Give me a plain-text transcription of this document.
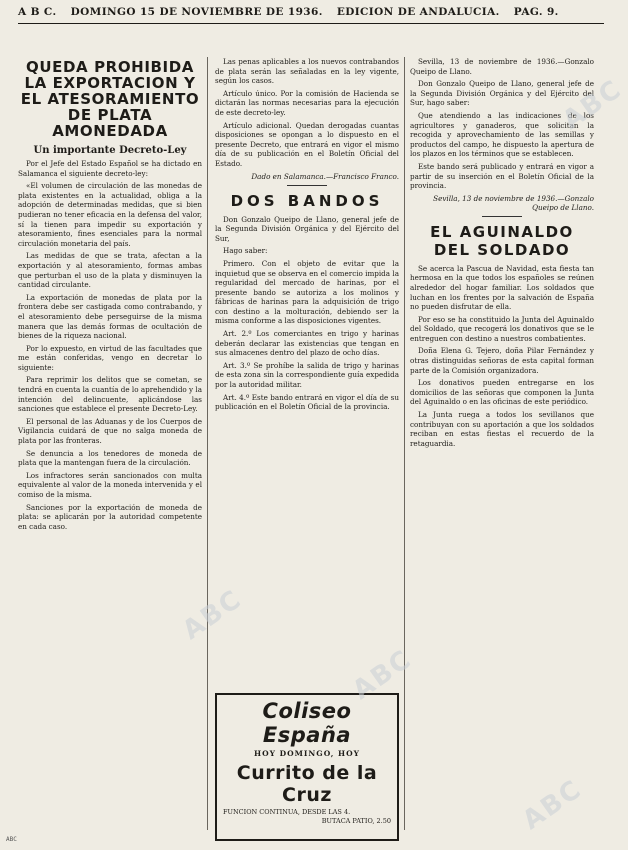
A B C. DOMINGO 15 DE NOVIEMBRE DE 1936. EDICION DE ANDALUCIA. PAG. 9.
QUEDA PROHIBIDA LA EXPORTACION Y EL ATESORAMIENTO DE PLATA AMONEDADA
Un importante Decreto-Ley

Por el Jefe del Estado Español se ha dictado en Salamanca el siguiente decreto-ley:

«El volumen de circulación de las monedas de plata existentes en la actualidad, obliga a la adopción de determinadas medidas, que si bien pudieran no tener eficacia en la defensa del valor, sí la tienen para impedir su exportación y atesoramiento, fines esenciales para la normal circulación monetaria del país.

Las medidas de que se trata, afectan a la exportación y al atesoramiento, formas ambas que perturban el uso de la plata y disminuyen la cantidad circulante.

La exportación de monedas de plata por la frontera debe ser castigada como contrabando, y el atesoramiento debe perseguirse de la misma manera que las demás formas de ocultación de bienes de la riqueza nacional.

Por lo expuesto, en virtud de las facultades que me están conferidas, vengo en decretar lo siguiente:

Para reprimir los delitos que se cometan, se tendrá en cuenta la cuantía de lo aprehendido y la intención del delincuente, aplicándose las sanciones que establece el presente Decreto-Ley.

El personal de las Aduanas y de los Cuerpos de Vigilancia cuidará de que no salga moneda de plata por las fronteras.

Se denuncia a los tenedores de moneda de plata que la mantengan fuera de la circulación.

Los infractores serán sancionados con multa equivalente al valor de la moneda intervenida y el comiso de la misma.

Sanciones por la exportación de moneda de plata: se aplicarán por la autoridad competente en cada caso.

Las penas aplicables a los nuevos contrabandos de plata serán las señaladas en la ley vigente, según los casos.

Artículo único. Por la comisión de Hacienda se dictarán las normas necesarias para la ejecución de este decreto-ley.

Artículo adicional. Quedan derogadas cuantas disposiciones se opongan a lo dispuesto en el presente Decreto, que entrará en vigor el mismo día de su publicación en el Boletín Oficial del Estado.

Dado en Salamanca.—Francisco Franco.
DOS BANDOS

Don Gonzalo Queipo de Llano, general jefe de la Segunda División Orgánica y del Ejército del Sur,

Hago saber:

Primero. Con el objeto de evitar que la inquietud que se observa en el comercio impida la regularidad del mercado de harinas, por el presente bando se autoriza a los molinos y fábricas de harinas para la adquisición de trigo con destino a la molturación, debiendo ser la misma conforme a las disposiciones vigentes.

Art. 2.º Los comerciantes en trigo y harinas deberán declarar las existencias que tengan en sus almacenes dentro del plazo de ocho días.

Art. 3.º Se prohíbe la salida de trigo y harinas de esta zona sin la correspondiente guía expedida por la autoridad militar.

Art. 4.º Este bando entrará en vigor el día de su publicación en el Boletín Oficial de la provincia.

Coliseo España
HOY DOMINGO, HOY
Currito de la Cruz
FUNCION CONTINUA, DESDE LAS 4.
BUTACA PATIO, 2.50

Sevilla, 13 de noviembre de 1936.—Gonzalo Queipo de Llano.

Don Gonzalo Queipo de Llano, general jefe de la Segunda División Orgánica y del Ejército del Sur, hago saber:

Que atendiendo a las indicaciones de los agricultores y ganaderos, que solicitan la recogida y aprovechamiento de las semillas y productos del campo, he dispuesto la apertura de los plazos en los términos que se establecen.

Este bando será publicado y entrará en vigor a partir de su inserción en el Boletín Oficial de la provincia.

Sevilla, 13 de noviembre de 1936.—Gonzalo Queipo de Llano.
EL AGUINALDO DEL SOLDADO

Se acerca la Pascua de Navidad, esta fiesta tan hermosa en la que todos los españoles se reúnen alrededor del hogar familiar. Los soldados que luchan en los frentes por la salvación de España no pueden disfrutar de ella.

Por eso se ha constituido la Junta del Aguinaldo del Soldado, que recogerá los donativos que se le entreguen con destino a nuestros combatientes.

Doña Elena G. Tejero, doña Pilar Fernández y otras distinguidas señoras de esta capital forman parte de la Comisión organizadora.

Los donativos pueden entregarse en los domicilios de las señoras que componen la Junta del Aguinaldo o en las oficinas de este periódico.

La Junta ruega a todos los sevillanos que contribuyan con su aportación a que los soldados reciban en estas fiestas el recuerdo de la retaguardia.

ABC
ABC
ABC
ABC
ABC
